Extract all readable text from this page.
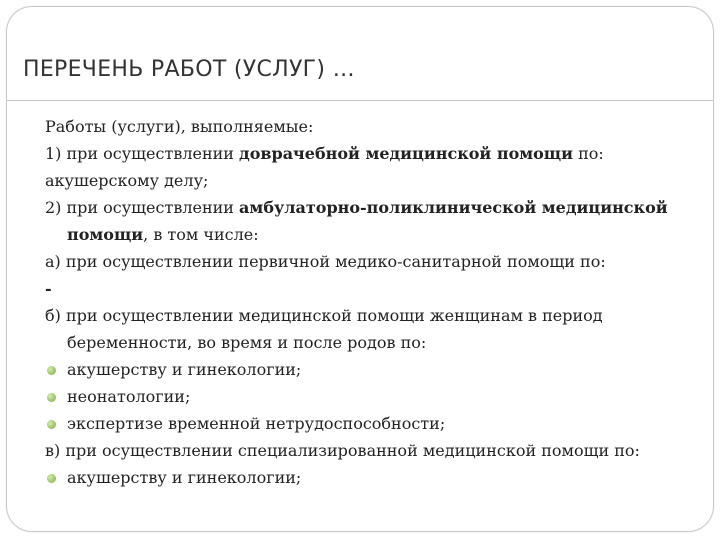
ПЕРЕЧЕНЬ РАБОТ (УСЛУГ) …
Работы (услуги), выполняемые:
1) при осуществлении доврачебной медицинской помощи по:
акушерскому делу;
2) при осуществлении амбулаторно-поликлинической медицинской помощи, в том числе:
а) при осуществлении первичной медико-санитарной помощи по:
-
б) при осуществлении медицинской помощи женщинам в период беременности, во время и после родов по:
акушерству и гинекологии;
неонатологии;
экспертизе временной нетрудоспособности;
в) при осуществлении специализированной медицинской помощи по:
акушерству и гинекологии;
